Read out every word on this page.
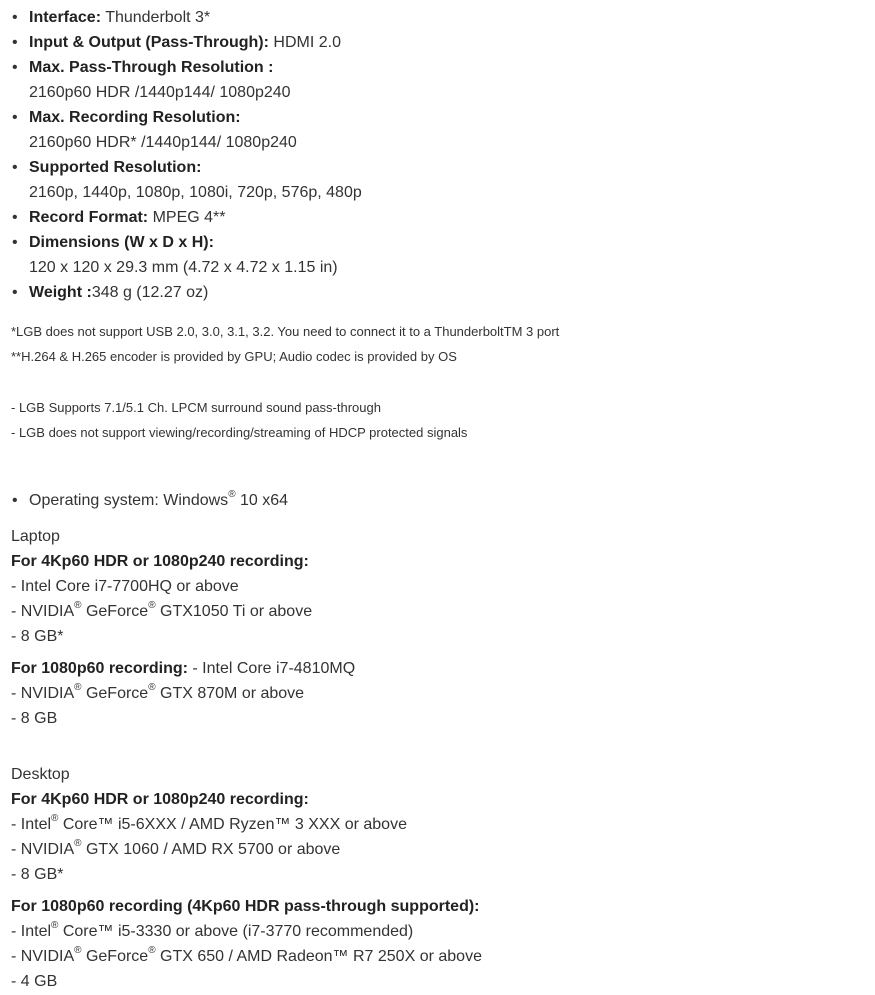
• Interface: Thunderbolt 3*
• Input & Output (Pass-Through): HDMI 2.0
• Max. Pass-Through Resolution :
2160p60 HDR /1440p144/ 1080p240
• Max. Recording Resolution:
2160p60 HDR* /1440p144/ 1080p240
• Supported Resolution:
2160p, 1440p, 1080p, 1080i, 720p, 576p, 480p
• Record Format: MPEG 4**
• Dimensions (W x D x H):
120 x 120 x 29.3 mm (4.72 x 4.72 x 1.15 in)
• Weight :348 g (12.27 oz)
*LGB does not support USB 2.0, 3.0, 3.1, 3.2. You need to connect it to a ThunderboltTM 3 port
**H.264 & H.265 encoder is provided by GPU; Audio codec is provided by OS
- LGB Supports 7.1/5.1 Ch. LPCM surround sound pass-through
- LGB does not support viewing/recording/streaming of HDCP protected signals
• Operating system: Windows® 10 x64
Laptop
For 4Kp60 HDR or 1080p240 recording:
- Intel Core i7-7700HQ or above
- NVIDIA® GeForce® GTX1050 Ti or above
- 8 GB*
For 1080p60 recording: - Intel Core i7-4810MQ
- NVIDIA® GeForce® GTX 870M or above
- 8 GB
Desktop
For 4Kp60 HDR or 1080p240 recording:
- Intel® Core™ i5-6XXX / AMD Ryzen™ 3 XXX or above
- NVIDIA® GTX 1060 / AMD RX 5700 or above
- 8 GB*
For 1080p60 recording (4Kp60 HDR pass-through supported):
- Intel® Core™ i5-3330 or above (i7-3770 recommended)
- NVIDIA® GeForce® GTX 650 / AMD Radeon™ R7 250X or above
- 4 GB
